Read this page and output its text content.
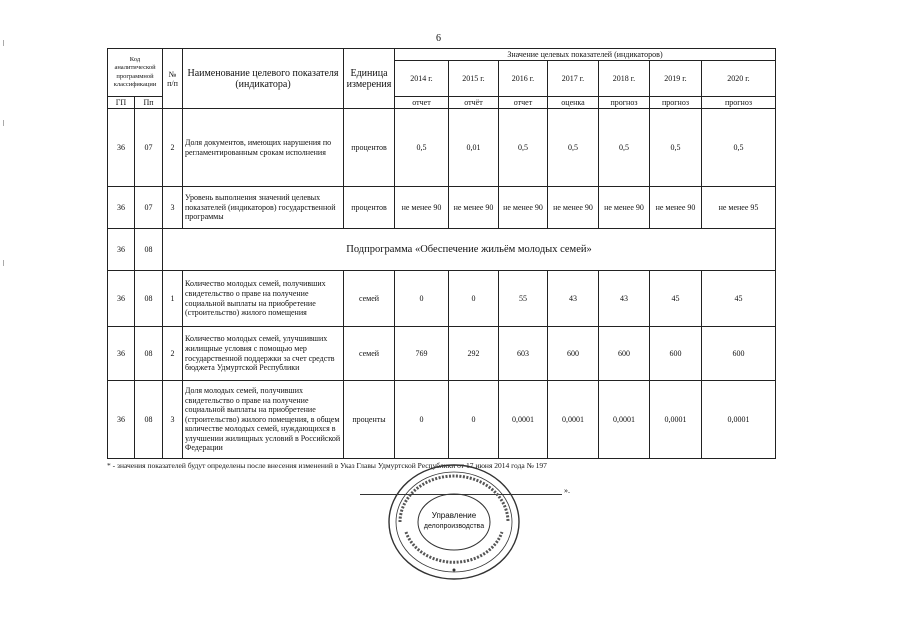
6
Код аналитической программной классификации		№ п/п	Наименование целевого показателя (индикатора)	Единица измерения	Значение целевых показателей (индикаторов)						
					2014 г.	2015 г.	2016 г.	2017 г.	2018 г.	2019 г.	2020 г.
ГП	Пп				отчет	отчёт	отчет	оценка	прогноз	прогноз	прогноз
36	07	2	Доля документов, имеющих нарушения по регламентированным срокам исполнения	процентов	0,5	0,01	0,5	0,5	0,5	0,5	0,5
36	07	3	Уровень выполнения значений целевых показателей (индикаторов) государственной программы	процентов	не менее 90	не менее 90	не менее 90	не менее 90	не менее 90	не менее 90	не менее 95
36	08	Подпрограмма «Обеспечение жильём молодых семей»									
36	08	1	Количество молодых семей, получивших свидетельство о праве на получение социальной выплаты на приобретение (строительство) жилого помещения	семей	0	0	55	43	43	45	45
36	08	2	Количество молодых семей, улучшивших жилищные условия с помощью мер государственной поддержки за счет средств бюджета Удмуртской Республики	семей	769	292	603	600	600	600	600
36	08	3	Доля молодых семей, получивших свидетельство о праве на получение социальной выплаты на приобретение (строительство) жилого помещения, в общем количестве молодых семей, нуждающихся в улучшении жилищных условий в Российской Федерации	проценты	0	0	0,0001	0,0001	0,0001	0,0001	0,0001
* - значения показателей будут определены после внесения изменений в Указ Главы Удмуртской Республики от 17 июня 2014 года № 197
».
Управление
делопроизводства
